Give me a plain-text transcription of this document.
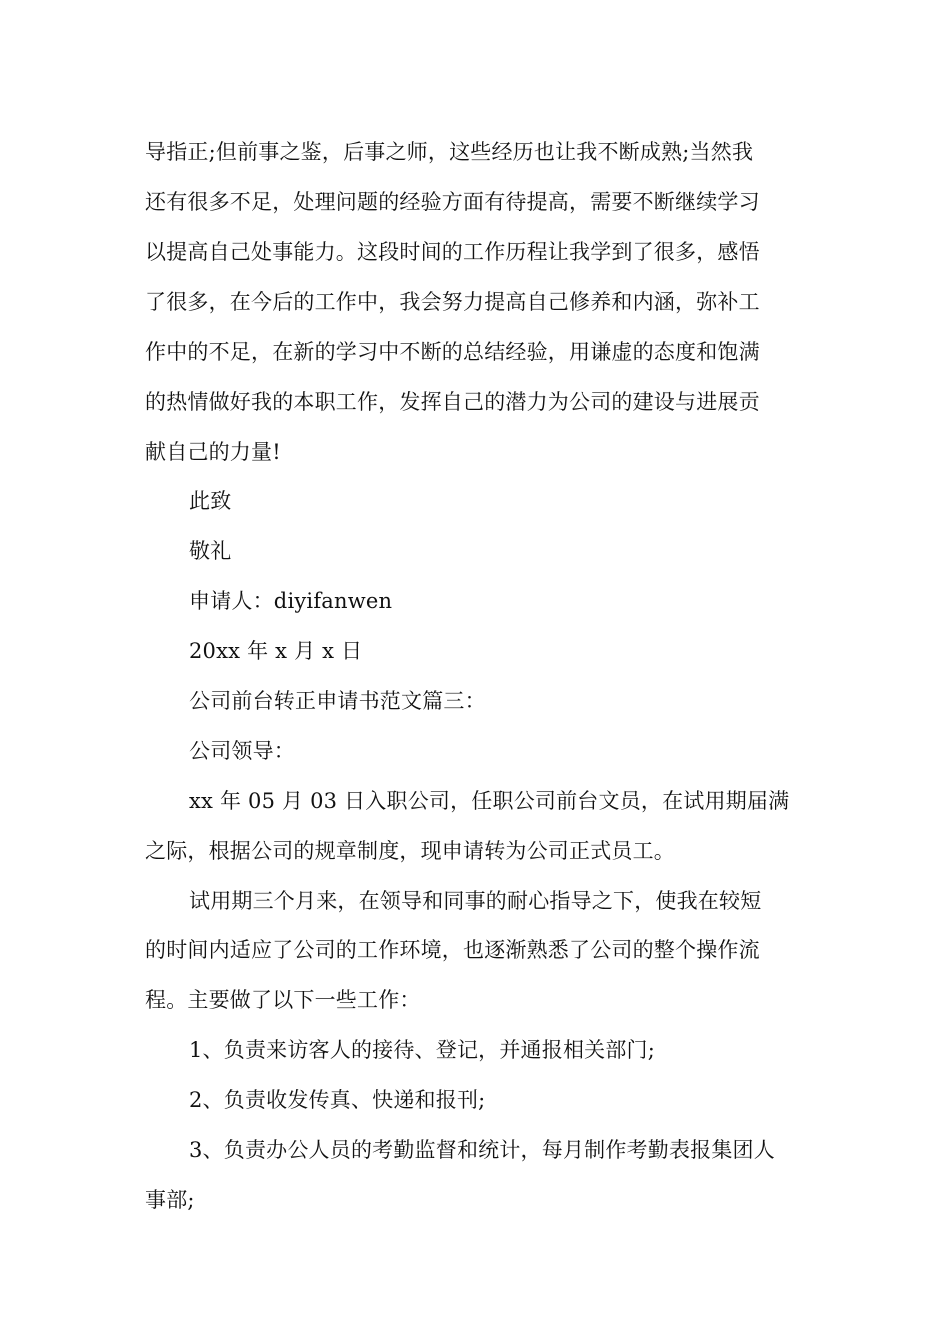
导指正;但前事之鉴，后事之师，这些经历也让我不断成熟;当然我
还有很多不足，处理问题的经验方面有待提高，需要不断继续学习
以提高自己处事能力。这段时间的工作历程让我学到了很多，感悟
了很多，在今后的工作中，我会努力提高自己修养和内涵，弥补工
作中的不足，在新的学习中不断的总结经验，用谦虚的态度和饱满
的热情做好我的本职工作，发挥自己的潜力为公司的建设与进展贡
献自己的力量!
此致
敬礼
申请人：diyifanwen
20xx 年 x 月 x 日
公司前台转正申请书范文篇三：
公司领导：
xx 年 05 月 03 日入职公司，任职公司前台文员，在试用期届满
之际，根据公司的规章制度，现申请转为公司正式员工。
试用期三个月来，在领导和同事的耐心指导之下，使我在较短
的时间内适应了公司的工作环境，也逐渐熟悉了公司的整个操作流
程。主要做了以下一些工作：
1、负责来访客人的接待、登记，并通报相关部门;
2、负责收发传真、快递和报刊;
3、负责办公人员的考勤监督和统计，每月制作考勤表报集团人
事部;
